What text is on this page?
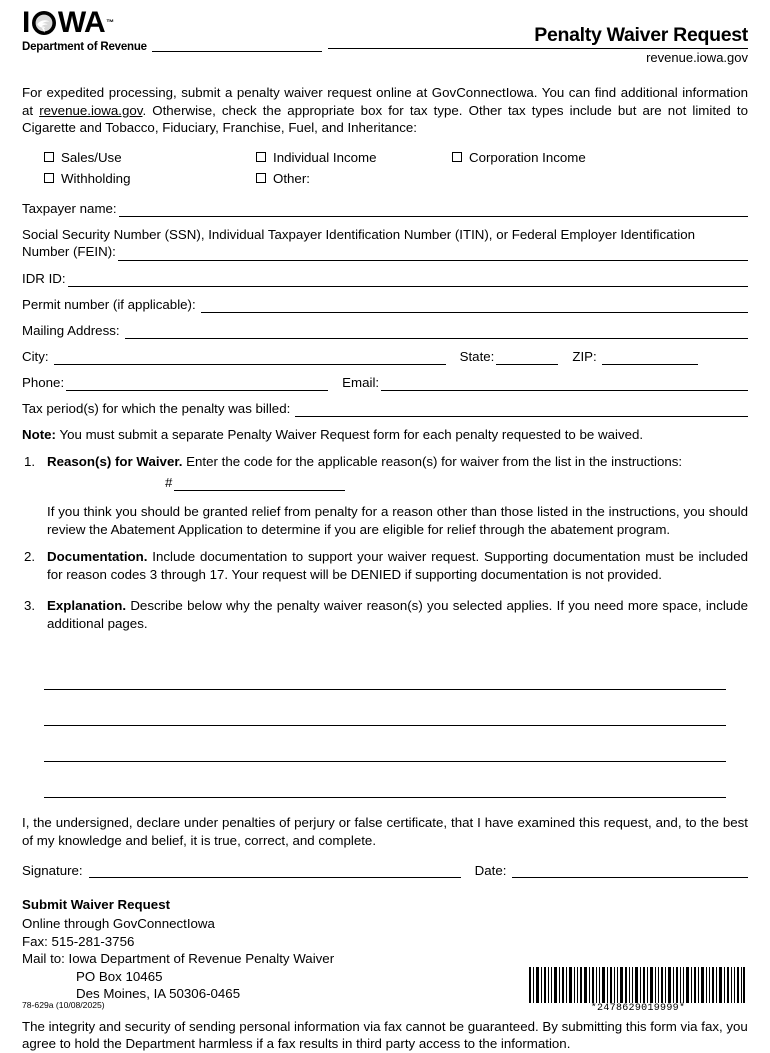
I WA ™
Department of Revenue
Penalty Waiver Request
revenue.iowa.gov

For expedited processing, submit a penalty waiver request online at GovConnectIowa. You can find additional information at revenue.iowa.gov. Otherwise, check the appropriate box for tax type. Other tax types include but are not limited to Cigarette and Tobacco, Fiduciary, Franchise, Fuel, and Inheritance:

Sales/Use	Individual Income	Corporation Income
Withholding	Other:
Taxpayer name:
Social Security Number (SSN), Individual Taxpayer Identification Number (ITIN), or Federal Employer Identification
Number (FEIN):
IDR ID:
Permit number (if applicable):
Mailing Address:
City:	State:	ZIP:
Phone:	Email:
Tax period(s) for which the penalty was billed:

Note: You must submit a separate Penalty Waiver Request form for each penalty requested to be waived.

1. Reason(s) for Waiver. Enter the code for the applicable reason(s) for waiver from the list in the instructions:
#
If you think you should be granted relief from penalty for a reason other than those listed in the instructions, you should review the Abatement Application to determine if you are eligible for relief through the abatement program.
2. Documentation. Include documentation to support your waiver request. Supporting documentation must be included for reason codes 3 through 17. Your request will be DENIED if supporting documentation is not provided.
3. Explanation. Describe below why the penalty waiver reason(s) you selected applies. If you need more space, include additional pages.

I, the undersigned, declare under penalties of perjury or false certificate, that I have examined this request, and, to the best of my knowledge and belief, it is true, correct, and complete.

Signature:	Date:
Submit Waiver Request
Online through GovConnectIowa
Fax: 515-281-3756
Mail to: Iowa Department of Revenue Penalty Waiver
PO Box 10465
Des Moines, IA 50306-0465

The integrity and security of sending personal information via fax cannot be guaranteed. By submitting this form via fax, you agree to hold the Department harmless if a fax results in third party access to the information.

78-629a (10/08/2025)	*2478629019999*
